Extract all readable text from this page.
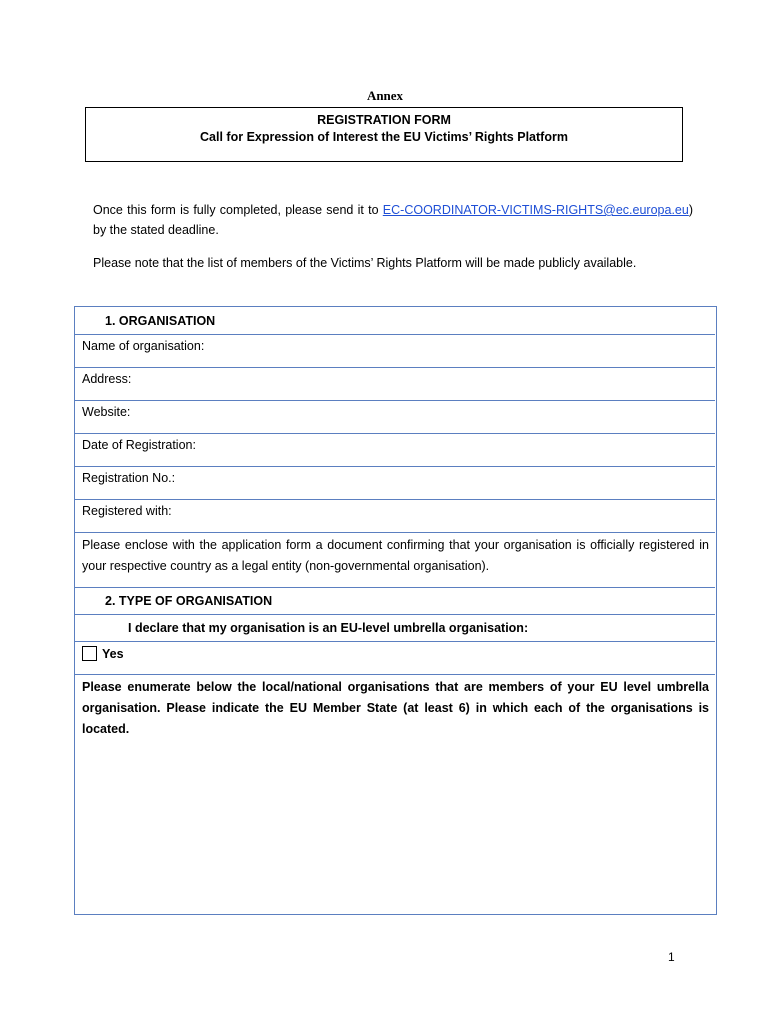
Annex
REGISTRATION FORM
Call for Expression of Interest the EU Victims’ Rights Platform
Once this form is fully completed, please send it to EC-COORDINATOR-VICTIMS-RIGHTS@ec.europa.eu) by the stated deadline.
Please note that the list of members of the Victims’ Rights Platform will be made publicly available.
1. ORGANISATION
Name of organisation:
Address:
Website:
Date of Registration:
Registration No.:
Registered with:
Please enclose with the application form a document confirming that your organisation is officially registered in your respective country as a legal entity (non-governmental organisation).
2. TYPE OF ORGANISATION
I declare that my organisation is an EU-level umbrella organisation:
Yes
Please enumerate below the local/national organisations that are members of your EU level umbrella organisation. Please indicate the EU Member State (at least 6) in which each of the organisations is located.
1
